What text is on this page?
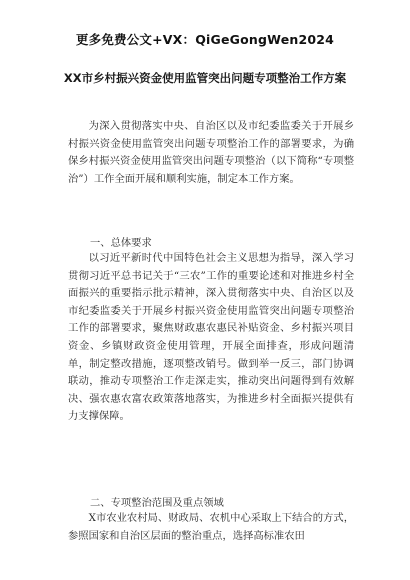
更多免费公文+VX：QiGeGongWen2024
XX市乡村振兴资金使用监管突出问题专项整治工作方案

为深入贯彻落实中央、自治区以及市纪委监委关于开展乡村振兴资金使用监管突出问题专项整治工作的部署要求，为确保乡村振兴资金使用监管突出问题专项整治（以下简称“专项整治”）工作全面开展和顺利实施，制定本工作方案。

一、总体要求

以习近平新时代中国特色社会主义思想为指导，深入学习贯彻习近平总书记关于“三农”工作的重要论述和对推进乡村全面振兴的重要指示批示精神，深入贯彻落实中央、自治区以及市纪委监委关于开展乡村振兴资金使用监管突出问题专项整治工作的部署要求，聚焦财政惠农惠民补贴资金、乡村振兴项目资金、乡镇财政资金使用管理，开展全面排查，形成问题清单，制定整改措施，逐项整改销号。做到举一反三，部门协调联动，推动专项整治工作走深走实，推动突出问题得到有效解决、强农惠农富农政策落地落实，为推进乡村全面振兴提供有力支撑保障。

二、专项整治范围及重点领域

X市农业农村局、财政局、农机中心采取上下结合的方式，参照国家和自治区层面的整治重点，选择高标准农田
